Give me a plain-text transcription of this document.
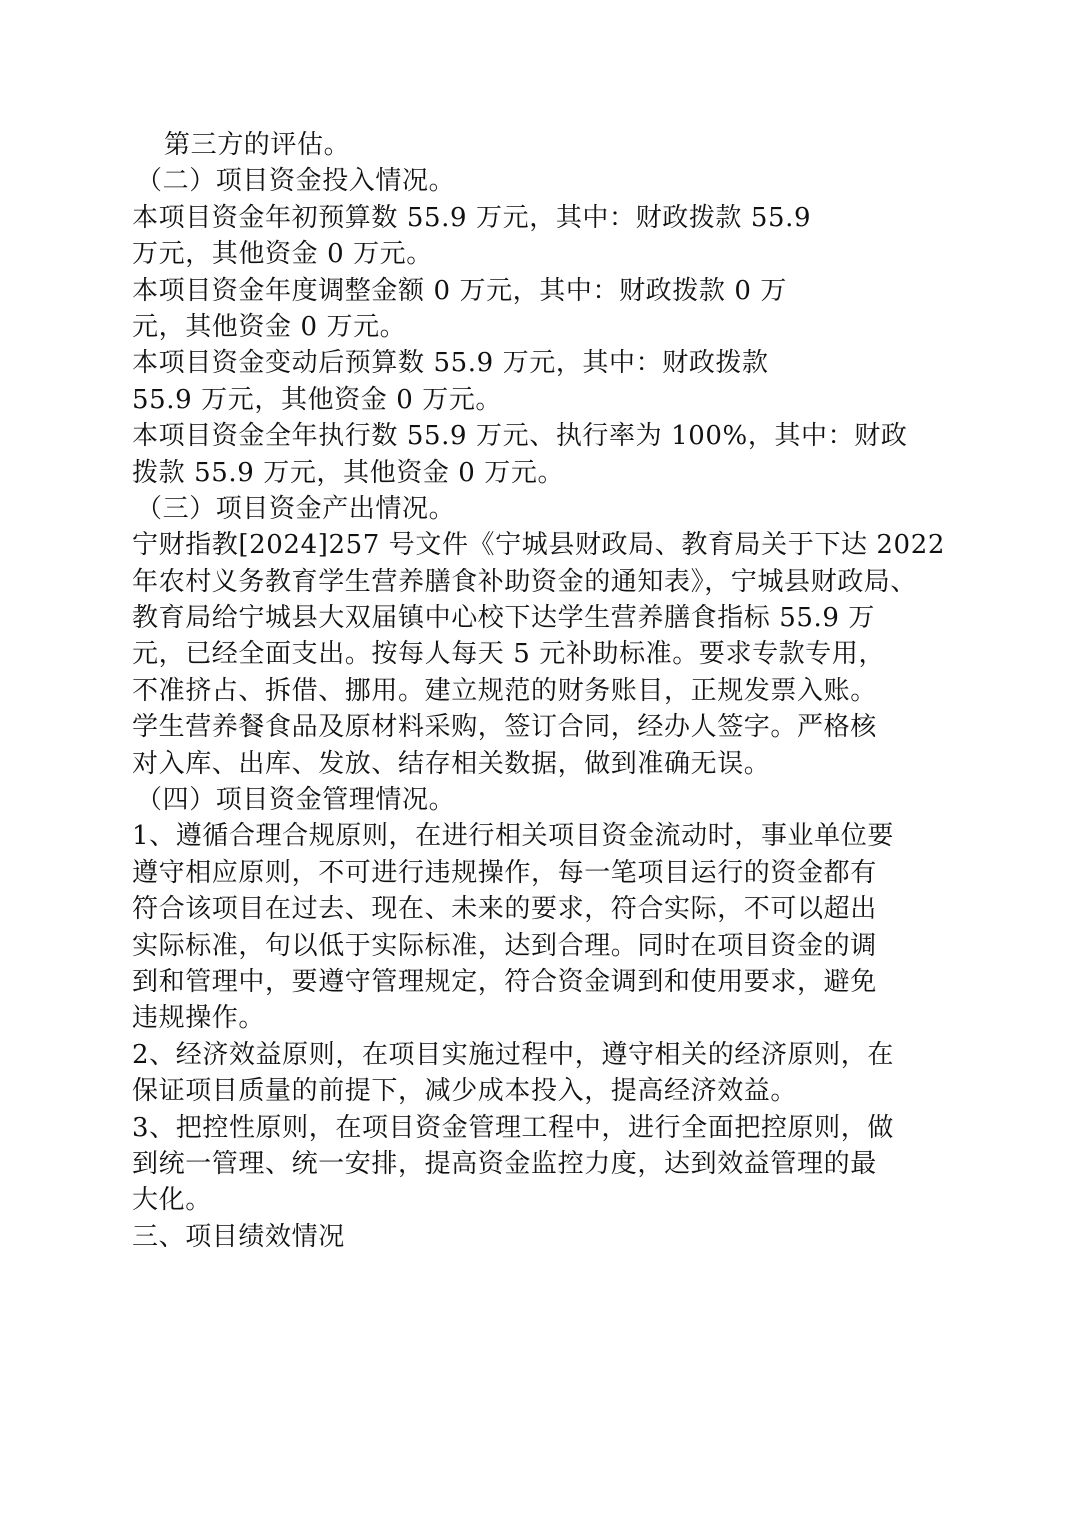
第三方的评估。
（二）项目资金投入情况。
本项目资金年初预算数 55.9 万元，其中：财政拨款 55.9
万元，其他资金 0 万元。
本项目资金年度调整金额 0 万元，其中：财政拨款 0 万
元，其他资金 0 万元。
本项目资金变动后预算数 55.9 万元，其中：财政拨款
55.9 万元，其他资金 0 万元。
本项目资金全年执行数 55.9 万元、执行率为 100%，其中：财政
拨款 55.9 万元，其他资金 0 万元。
（三）项目资金产出情况。
宁财指教[2024]257 号文件《宁城县财政局、教育局关于下达 2022
年农村义务教育学生营养膳食补助资金的通知表》，宁城县财政局、
教育局给宁城县大双届镇中心校下达学生营养膳食指标 55.9 万
元，已经全面支出。按每人每天 5 元补助标准。要求专款专用，
不准挤占、拆借、挪用。建立规范的财务账目，正规发票入账。
学生营养餐食品及原材料采购，签订合同，经办人签字。严格核
对入库、出库、发放、结存相关数据，做到准确无误。
（四）项目资金管理情况。
1、遵循合理合规原则，在进行相关项目资金流动时，事业单位要
遵守相应原则，不可进行违规操作，每一笔项目运行的资金都有
符合该项目在过去、现在、未来的要求，符合实际，不可以超出
实际标准，句以低于实际标准，达到合理。同时在项目资金的调
到和管理中，要遵守管理规定，符合资金调到和使用要求，避免
违规操作。
2、经济效益原则，在项目实施过程中，遵守相关的经济原则，在
保证项目质量的前提下，减少成本投入，提高经济效益。
3、把控性原则，在项目资金管理工程中，进行全面把控原则，做
到统一管理、统一安排，提高资金监控力度，达到效益管理的最
大化。
三、项目绩效情况
